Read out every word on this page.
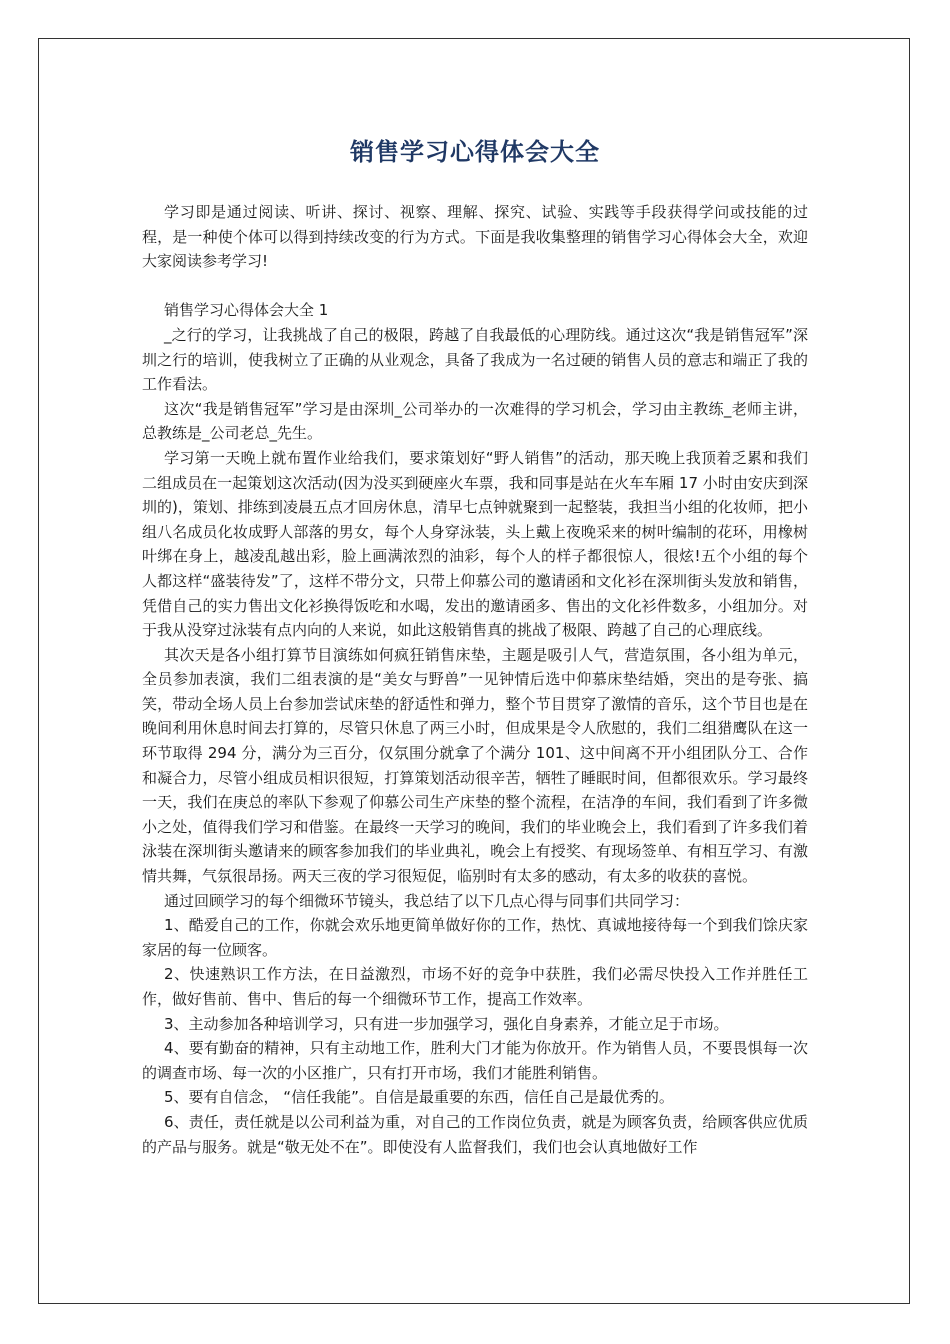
销售学习心得体会大全

学习即是通过阅读、听讲、探讨、视察、理解、探究、试验、实践等手段获得学问或技能的过程，是一种使个体可以得到持续改变的行为方式。下面是我收集整理的销售学习心得体会大全，欢迎大家阅读参考学习!

销售学习心得体会大全 1

_之行的学习，让我挑战了自己的极限，跨越了自我最低的心理防线。通过这次“我是销售冠军”深圳之行的培训，使我树立了正确的从业观念，具备了我成为一名过硬的销售人员的意志和端正了我的工作看法。

这次“我是销售冠军”学习是由深圳_公司举办的一次难得的学习机会，学习由主教练_老师主讲，总教练是_公司老总_先生。

学习第一天晚上就布置作业给我们，要求策划好“野人销售”的活动，那天晚上我顶着乏累和我们二组成员在一起策划这次活动(因为没买到硬座火车票，我和同事是站在火车车厢 17 小时由安庆到深圳的)，策划、排练到凌晨五点才回房休息，清早七点钟就聚到一起整装，我担当小组的化妆师，把小组八名成员化妆成野人部落的男女，每个人身穿泳装，头上戴上夜晚采来的树叶编制的花环，用橡树叶绑在身上，越凌乱越出彩，脸上画满浓烈的油彩，每个人的样子都很惊人，很炫!五个小组的每个人都这样“盛装待发”了，这样不带分文，只带上仰慕公司的邀请函和文化衫在深圳街头发放和销售，凭借自己的实力售出文化衫换得饭吃和水喝，发出的邀请函多、售出的文化衫件数多，小组加分。对于我从没穿过泳装有点内向的人来说，如此这般销售真的挑战了极限、跨越了自己的心理底线。

其次天是各小组打算节目演练如何疯狂销售床垫，主题是吸引人气，营造氛围，各小组为单元，全员参加表演，我们二组表演的是“美女与野兽”一见钟情后选中仰慕床垫结婚，突出的是夸张、搞笑，带动全场人员上台参加尝试床垫的舒适性和弹力，整个节目贯穿了激情的音乐，这个节目也是在晚间利用休息时间去打算的，尽管只休息了两三小时，但成果是令人欣慰的，我们二组猎鹰队在这一环节取得 294 分，满分为三百分，仅氛围分就拿了个满分 101、这中间离不开小组团队分工、合作和凝合力，尽管小组成员相识很短，打算策划活动很辛苦，牺牲了睡眠时间，但都很欢乐。学习最终一天，我们在庚总的率队下参观了仰慕公司生产床垫的整个流程，在洁净的车间，我们看到了许多微小之处，值得我们学习和借鉴。在最终一天学习的晚间，我们的毕业晚会上，我们看到了许多我们着泳装在深圳街头邀请来的顾客参加我们的毕业典礼，晚会上有授奖、有现场签单、有相互学习、有激情共舞，气氛很昂扬。两天三夜的学习很短促，临别时有太多的感动，有太多的收获的喜悦。

通过回顾学习的每个细微环节镜头，我总结了以下几点心得与同事们共同学习：

1、酷爱自己的工作，你就会欢乐地更简单做好你的工作，热忱、真诚地接待每一个到我们馀庆家家居的每一位顾客。

2、快速熟识工作方法，在日益激烈，市场不好的竞争中获胜，我们必需尽快投入工作并胜任工作，做好售前、售中、售后的每一个细微环节工作，提高工作效率。

3、主动参加各种培训学习，只有进一步加强学习，强化自身素养，才能立足于市场。

4、要有勤奋的精神，只有主动地工作，胜利大门才能为你放开。作为销售人员，不要畏惧每一次的调查市场、每一次的小区推广，只有打开市场，我们才能胜利销售。

5、要有自信念， “信任我能”。自信是最重要的东西，信任自己是最优秀的。

6、责任，责任就是以公司利益为重，对自己的工作岗位负责，就是为顾客负责，给顾客供应优质的产品与服务。就是“敬无处不在”。即使没有人监督我们，我们也会认真地做好工作
